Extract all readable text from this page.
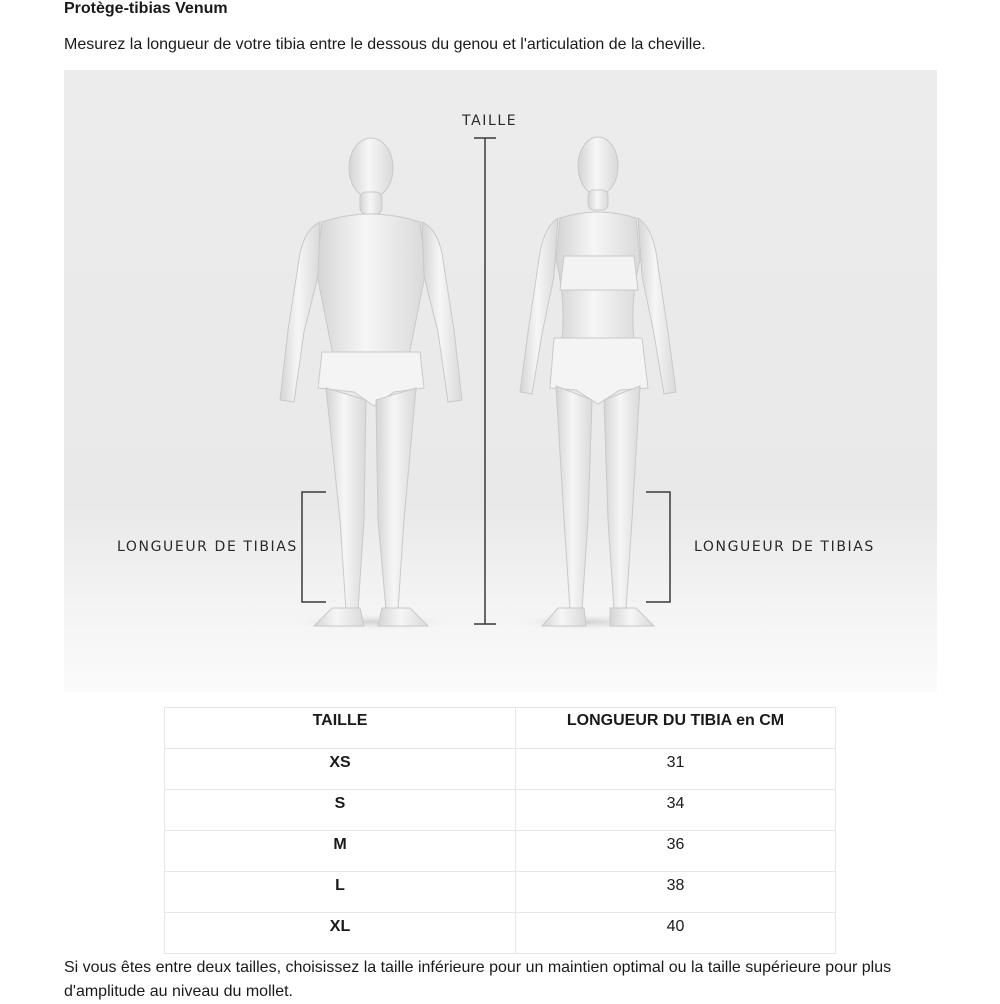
Protège-tibias Venum

Mesurez la longueur de votre tibia entre le dessous du genou et l'articulation de la cheville.

TAILLE
LONGUEUR DE TIBIAS	LONGUEUR DE TIBIAS
TAILLE	LONGUEUR DU TIBIA en CM
XS	31
S	34
M	36
L	38
XL	40

Si vous êtes entre deux tailles, choisissez la taille inférieure pour un maintien optimal ou la taille supérieure pour plus d'amplitude au niveau du mollet.
